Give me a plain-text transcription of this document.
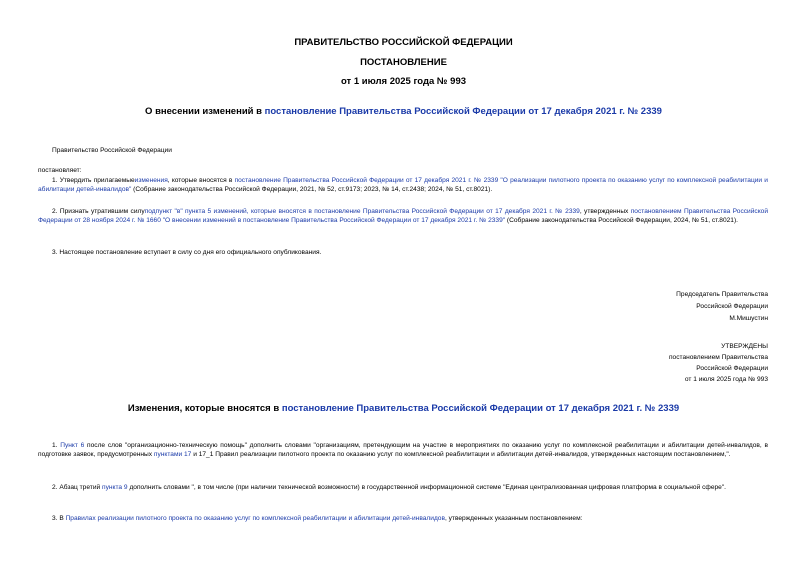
ПРАВИТЕЛЬСТВО РОССИЙСКОЙ ФЕДЕРАЦИИ
ПОСТАНОВЛЕНИЕ
от 1 июля 2025 года № 993
О внесении изменений в постановление Правительства Российской Федерации от 17 декабря 2021 г. № 2339
Правительство Российской Федерации
постановляет:
1. Утвердить прилагаемыеизменения, которые вносятся в постановление Правительства Российской Федерации от 17 декабря 2021 г. № 2339 "О реализации пилотного проекта по оказанию услуг по комплексной реабилитации и абилитации детей-инвалидов" (Собрание законодательства Российской Федерации, 2021, № 52, ст.9173; 2023, № 14, ст.2438; 2024, № 51, ст.8021).
2. Признать утратившим силуподпункт "в" пункта 5 изменений, которые вносятся в постановление Правительства Российской Федерации от 17 декабря 2021 г. № 2339, утвержденных постановлением Правительства Российской Федерации от 28 ноября 2024 г. № 1660 "О внесении изменений в постановление Правительства Российской Федерации от 17 декабря 2021 г. № 2339" (Собрание законодательства Российской Федерации, 2024, № 51, ст.8021).
3. Настоящее постановление вступает в силу со дня его официального опубликования.
Председатель Правительства
Российской Федерации
М.Мишустин
УТВЕРЖДЕНЫ
постановлением Правительства
Российской Федерации
от 1 июля 2025 года № 993
Изменения, которые вносятся в постановление Правительства Российской Федерации от 17 декабря 2021 г. № 2339
1. Пункт 6 после слов "организационно-техническую помощь" дополнить словами "организациям, претендующим на участие в мероприятиях по оказанию услуг по комплексной реабилитации и абилитации детей-инвалидов, в подготовке заявок, предусмотренных пунктами 17 и 17_1 Правил реализации пилотного проекта по оказанию услуг по комплексной реабилитации и абилитации детей-инвалидов, утвержденных настоящим постановлением,".
2. Абзац третий пункта 9 дополнить словами ", в том числе (при наличии технической возможности) в государственной информационной системе "Единая централизованная цифровая платформа в социальной сфере".
3. В Правилах реализации пилотного проекта по оказанию услуг по комплексной реабилитации и абилитации детей-инвалидов, утвержденных указанным постановлением:
